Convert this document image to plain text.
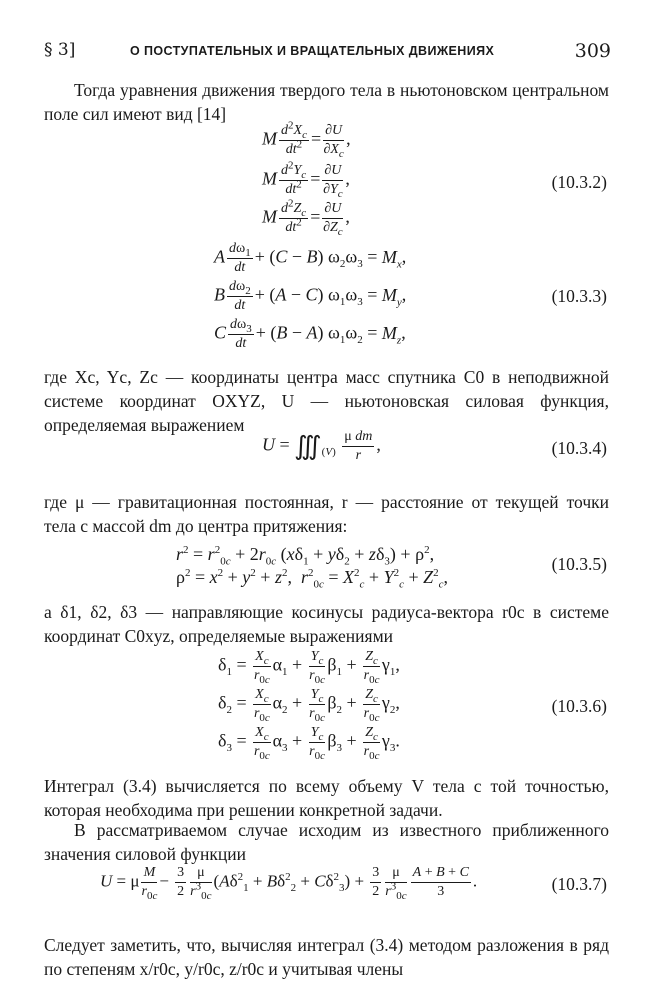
§ 3]	О ПОСТУПАТЕЛЬНЫХ И ВРАЩАТЕЛЬНЫХ ДВИЖЕНИЯХ	309

Тогда уравнения движения твердого тела в ньютоновском центральном поле сил имеют вид [14]

M $\frac{d^2X_c}{dt^2} = \frac{\partial U}{\partial X_c}$ ,
M $\frac{d^2Y_c}{dt^2} = \frac{\partial U}{\partial Y_c}$ ,
M $\frac{d^2Z_c}{dt^2} = \frac{\partial U}{\partial Z_c}$ ,
(10.3.2)
A $\frac{d\omega_1}{dt} + (C - B) \omega_2\omega_3 = M_x$,
B $\frac{d\omega_2}{dt} + (A - C) \omega_1\omega_3 = M_y$,
C $\frac{d\omega_3}{dt} + (B - A) \omega_1\omega_2 = M_z$,
(10.3.3)

где Xc, Yc, Zc — координаты центра масс спутника C0 в неподвижной системе координат OXYZ, U — ньютоновская силовая функция, определяемая выражением

$U = ∭_{(V)} \frac{\text{μ dm}}{r}$ ,	(10.3.4)

где μ — гравитационная постоянная, r — расстояние от текущей точки тела с массой dm до центра притяжения:

$r^2 = r^2_{0c} + 2r_{0c}$ $(x\delta_1 + y\delta_2 + z\delta_3) + \rho^2$,
$\rho^2 = x^2 + y^2 + z^2$,  $r^2_{0c} = X^2_c + Y^2_c + Z^2_c$,
(10.3.5)

а δ1, δ2, δ3 — направляющие косинусы радиуса-вектора r0c в системе координат C0xyz, определяемые выражениями

$\delta_1 = \frac{X_c}{r_{0c}} \alpha_1 + \frac{Y_c}{r_{0c}} \beta_1 + \frac{Z_c}{r_{0c}} \gamma_1$,
$\delta_2 = \frac{X_c}{r_{0c}} \alpha_2 + \frac{Y_c}{r_{0c}} \beta_2 + \frac{Z_c}{r_{0c}} \gamma_2$,
$\delta_3 = \frac{X_c}{r_{0c}} \alpha_3 + \frac{Y_c}{r_{0c}} \beta_3 + \frac{Z_c}{r_{0c}} \gamma_3$.
(10.3.6)

Интеграл (3.4) вычисляется по всему объему V тела с той точностью, которая необходима при решении конкретной задачи.

В рассматриваемом случае исходим из известного приближенного значения силовой функции

U = μ $\frac{M}{r_{0c}} - \frac{3}{2} \frac{\mu}{r^3_{0c}} (A\delta^2_1 + B\delta^2_2 + C\delta^2_3) + \frac{3}{2} \frac{\mu}{r^3_{0c}} \frac{A + B + C}{3}$ .	(10.3.7)

Следует заметить, что, вычисляя интеграл (3.4) методом разложения в ряд по степеням x/r0c, y/r0c, z/r0c и учитывая члены
